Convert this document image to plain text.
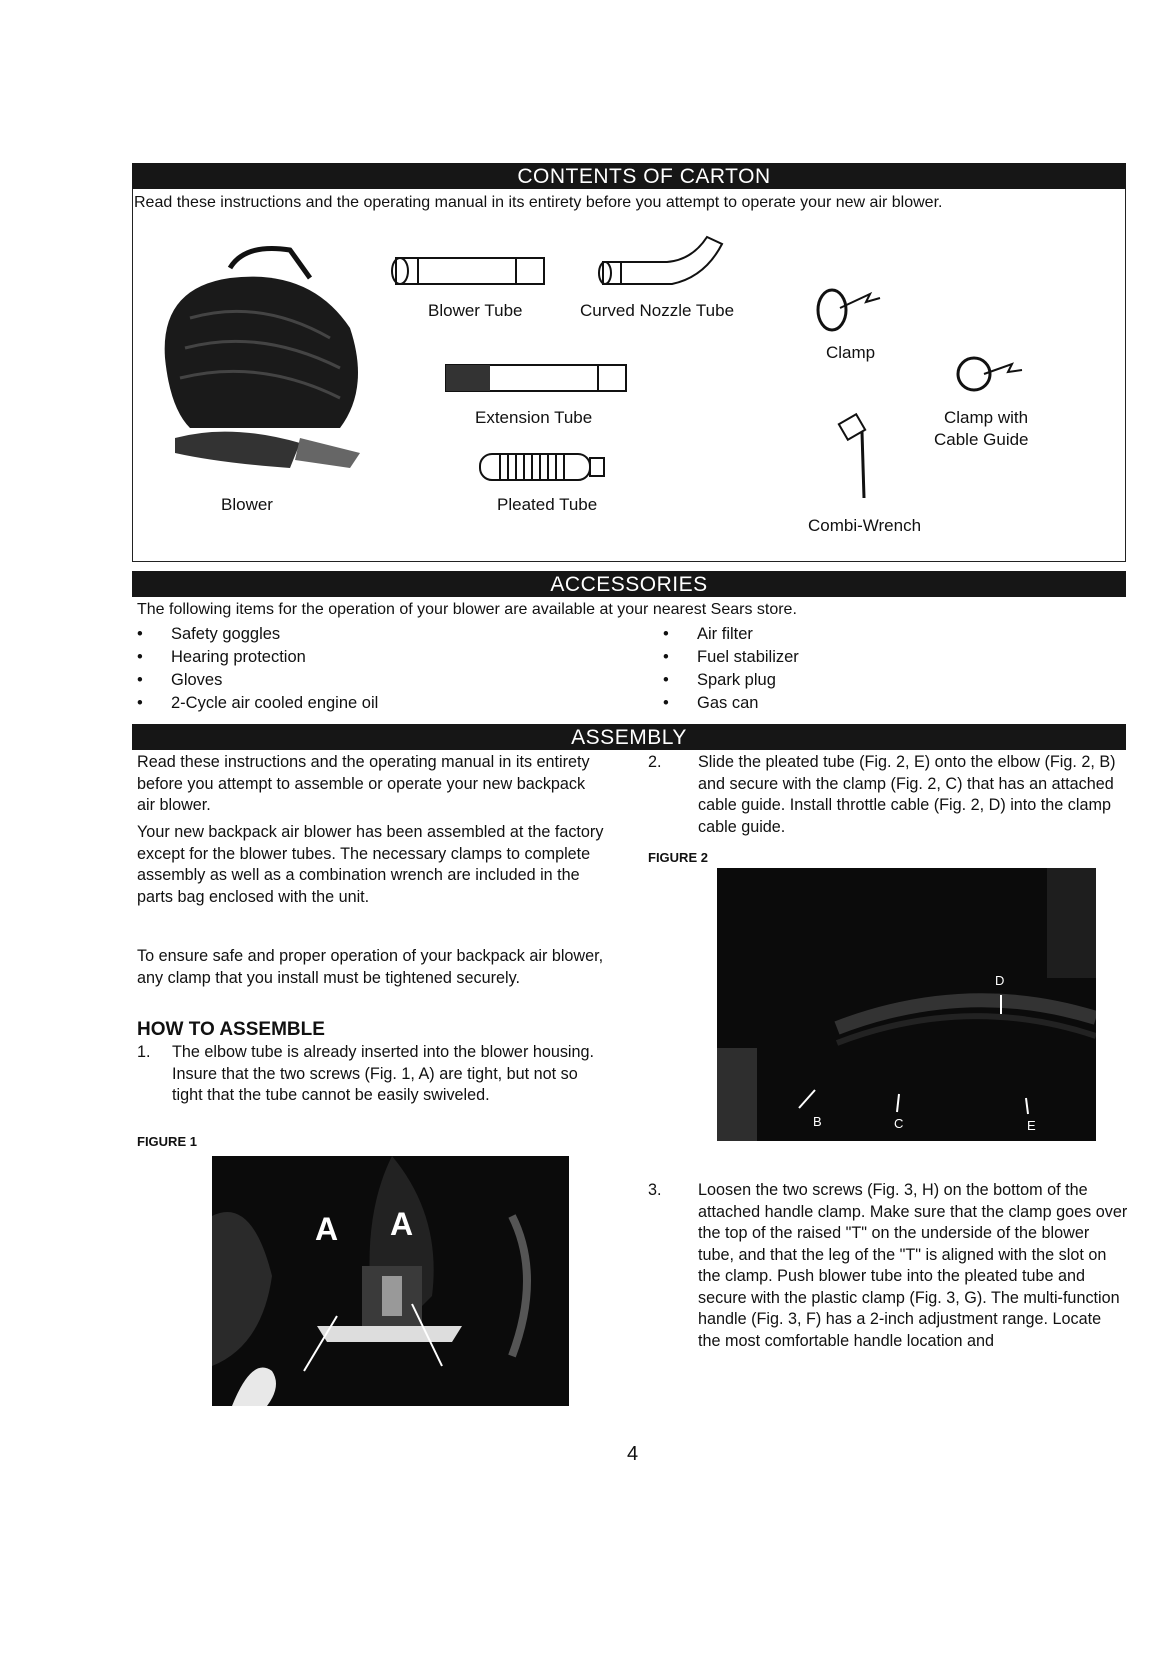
CONTENTS OF CARTON
Read these instructions and the operating manual in its entirety before you attempt to operate your new air blower.
Blower
Blower Tube	Curved Nozzle Tube
Clamp
Extension Tube	Clamp with
Cable Guide
Pleated Tube
Combi-Wrench
ACCESSORIES
The following items for the operation of your blower are available at your nearest Sears store.
• Safety goggles
• Hearing protection
• Gloves
• 2-Cycle air cooled engine oil
• Air filter
• Fuel stabilizer
• Spark plug
• Gas can
ASSEMBLY
Read these instructions and the operating manual in its entirety before you attempt to assemble or operate your new backpack air blower.
Your new backpack air blower has been assembled at the factory except for the blower tubes. The necessary clamps to complete assembly as well as a combination wrench are included in the parts bag enclosed with the unit.
To ensure safe and proper operation of your backpack air blower, any clamp that you install must be tightened securely.
HOW TO ASSEMBLE
1. The elbow tube is already inserted into the blower housing. Insure that the two screws (Fig. 1, A) are tight, but not so tight that the tube cannot be easily swiveled.
FIGURE 1
A A
2. Slide the pleated tube (Fig. 2, E) onto the elbow (Fig. 2, B) and secure with the clamp (Fig. 2, C) that has an attached cable guide. Install throttle cable (Fig. 2, D) into the clamp cable guide.
FIGURE 2
D
B	C	E
3. Loosen the two screws (Fig. 3, H) on the bottom of the attached handle clamp. Make sure that the clamp goes over the top of the raised "T" on the underside of the blower tube, and that the leg of the "T" is aligned with the slot on the clamp. Push blower tube into the pleated tube and secure with the plastic clamp (Fig. 3, G). The multi-function handle (Fig. 3, F) has a 2-inch adjustment range. Locate the most comfortable handle location and
4
